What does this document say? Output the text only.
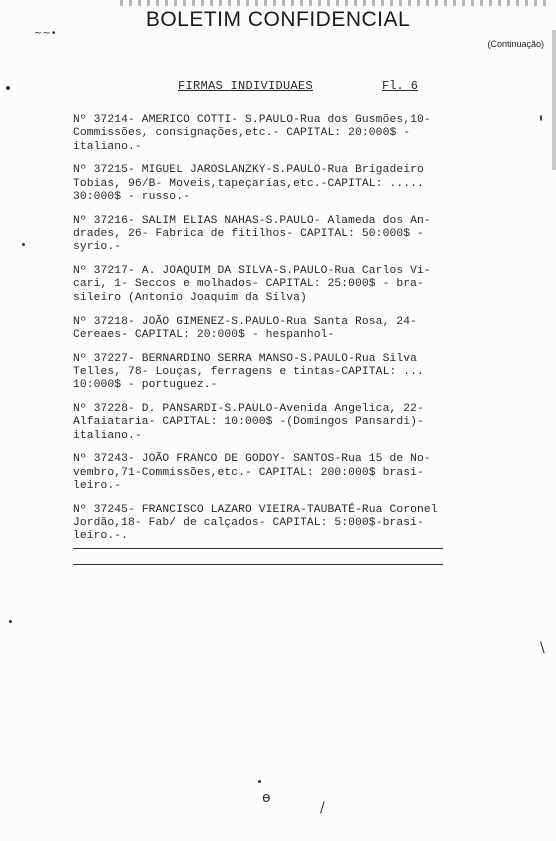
BOLETIM CONFIDENCIAL
(Continuação)
FIRMAS INDIVIDUAES	Fl. 6
Nº 37214- AMERICO COTTI- S.PAULO-Rua dos Gusmões,10-
Commissões, consignações,etc.- CAPITAL: 20:000$ -
italiano.-
Nº 37215- MIGUEL JAROSLANZKY-S.PAULO-Rua Brigadeiro
Tobias, 96/B- Moveis,tapeçarias,etc.-CAPITAL: .....
30:000$ - russo.-
Nº 37216- SALIM ELIAS NAHAS-S.PAULO- Alameda dos An-
drades, 26- Fabrica de fitilhos- CAPITAL: 50:000$ -
syrio.-
Nº 37217- A. JOAQUIM DA SILVA-S.PAULO-Rua Carlos Vi-
cari, 1- Seccos e molhados- CAPITAL: 25:000$ - bra-
sileiro (Antonio Joaquim da Silva)
Nº 37218- JOÃO GIMENEZ-S.PAULO-Rua Santa Rosa, 24-
Cereaes- CAPITAL: 20:000$ - hespanhol-
Nº 37227- BERNARDINO SERRA MANSO-S.PAULO-Rua Silva
Telles, 78- Louças, ferragens e tintas-CAPITAL: ...
10:000$ - portuguez.-
Nº 37228- D. PANSARDI-S.PAULO-Avenida Angelica, 22-
Alfaiataria- CAPITAL: 10:000$ -(Domingos Pansardi)-
italiano.-
Nº 37243- JOÃO FRANCO DE GODOY- SANTOS-Rua 15 de No-
vembro,71-Commissões,etc.- CAPITAL: 200:000$ brasi-
leiro.-
Nº 37245- FRANCISCO LAZARO VIEIRA-TAUBATÉ-Rua Coronel
Jordão,18- Fab/ de calçados- CAPITAL: 5:000$-brasi-
leiro.-.
~~•
\
ɵ
/
